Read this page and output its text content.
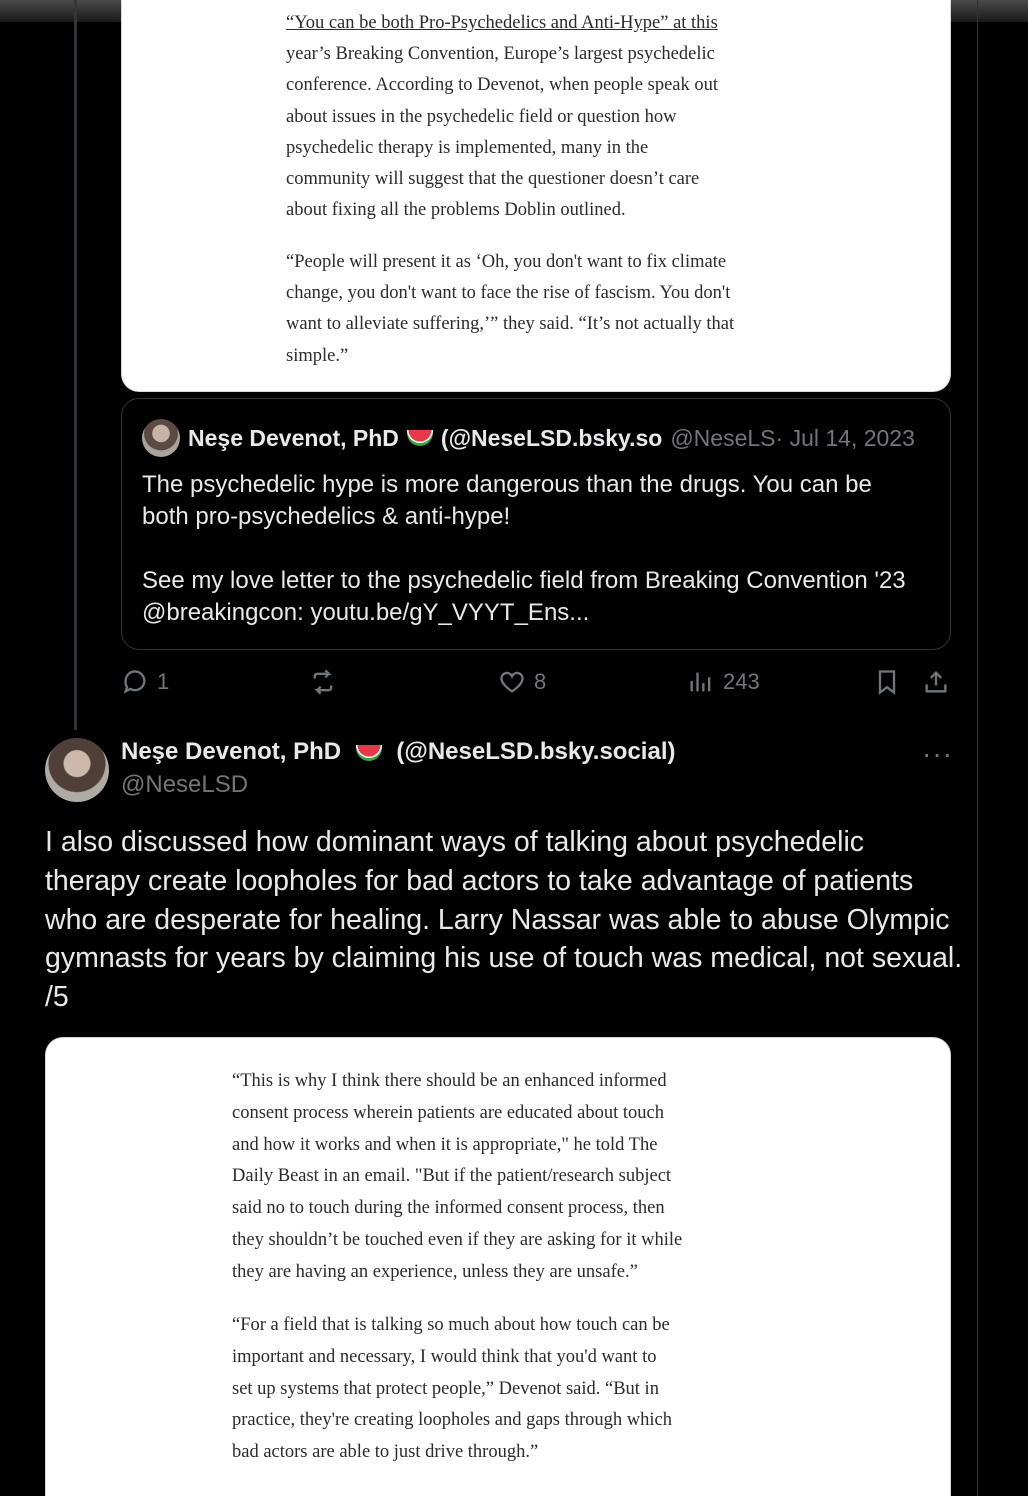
“You can be both Pro-Psychedelics and Anti-Hype” at this

year’s Breaking Convention, Europe’s largest psychedelic

conference. According to Devenot, when people speak out

about issues in the psychedelic field or question how

psychedelic therapy is implemented, many in the

community will suggest that the questioner doesn’t care

about fixing all the problems Doblin outlined.

“People will present it as ‘Oh, you don't want to fix climate

change, you don't want to face the rise of fascism. You don't

want to alleviate suffering,’” they said. “It’s not actually that

simple.”

Neşe Devenot, PhD (@NeseLSD.bsky.so @NeseLS · Jul 14, 2023

The psychedelic hype is more dangerous than the drugs. You can be

both pro-psychedelics & anti-hype!

See my love letter to the psychedelic field from Breaking Convention '23

@breakingcon: youtu.be/gY_VYYT_Ens...

1	8	243
Neşe Devenot, PhD (@NeseLSD.bsky.social)
@NeseLSD
···
I also discussed how dominant ways of talking about psychedelic
therapy create loopholes for bad actors to take advantage of patients
who are desperate for healing. Larry Nassar was able to abuse Olympic
gymnasts for years by claiming his use of touch was medical, not sexual.
/5

“This is why I think there should be an enhanced informed

consent process wherein patients are educated about touch

and how it works and when it is appropriate," he told The

Daily Beast in an email. "But if the patient/research subject

said no to touch during the informed consent process, then

they shouldn’t be touched even if they are asking for it while

they are having an experience, unless they are unsafe.”

“For a field that is talking so much about how touch can be

important and necessary, I would think that you'd want to

set up systems that protect people,” Devenot said. “But in

practice, they're creating loopholes and gaps through which

bad actors are able to just drive through.”
